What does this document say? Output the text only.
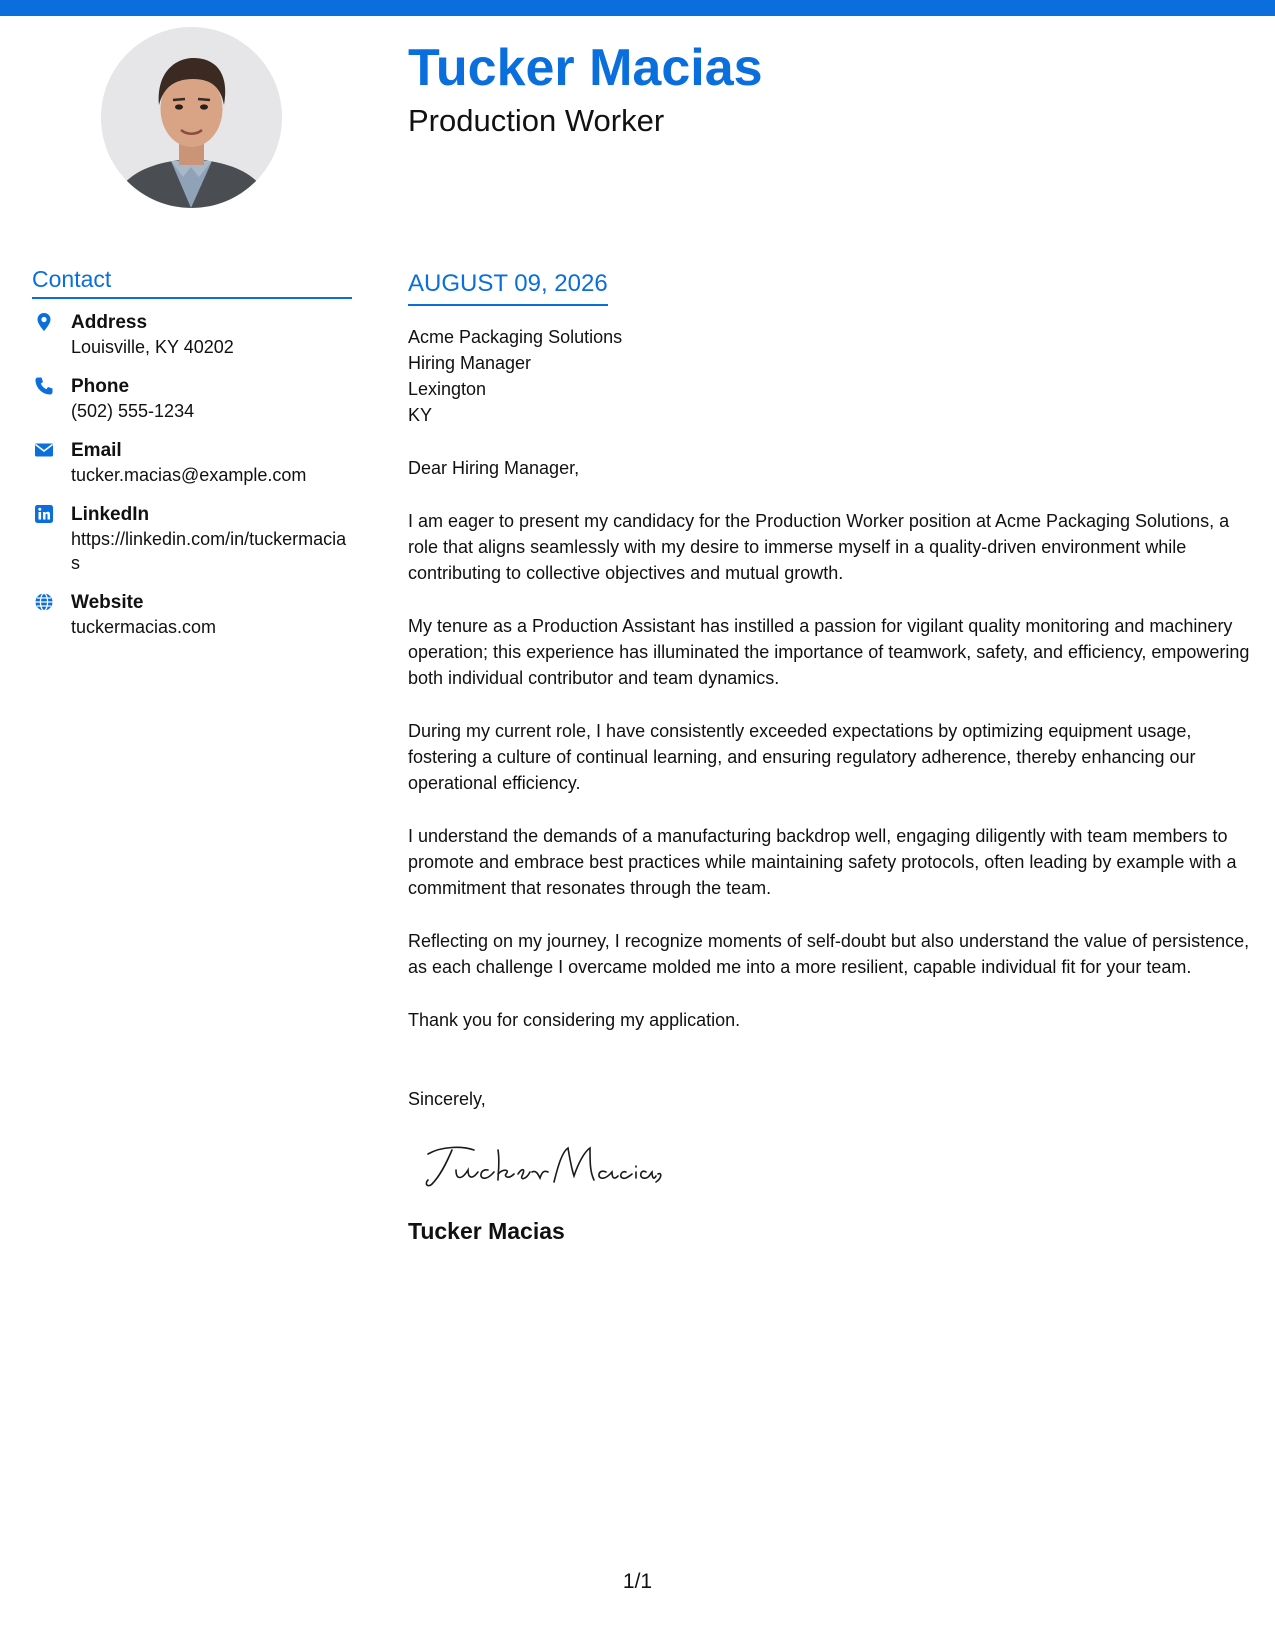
Tucker Macias
Production Worker
Contact
Address
Louisville, KY 40202
Phone
(502) 555-1234
Email
tucker.macias@example.com
LinkedIn
https://linkedin.com/in/tuckermacias
Website
tuckermacias.com
AUGUST 09, 2026
Acme Packaging Solutions
Hiring Manager
Lexington
KY
Dear Hiring Manager,

I am eager to present my candidacy for the Production Worker position at Acme Packaging Solutions, a role that aligns seamlessly with my desire to immerse myself in a quality-driven environment while contributing to collective objectives and mutual growth.

My tenure as a Production Assistant has instilled a passion for vigilant quality monitoring and machinery operation; this experience has illuminated the importance of teamwork, safety, and efficiency, empowering both individual contributor and team dynamics.

During my current role, I have consistently exceeded expectations by optimizing equipment usage, fostering a culture of continual learning, and ensuring regulatory adherence, thereby enhancing our operational efficiency.

I understand the demands of a manufacturing backdrop well, engaging diligently with team members to promote and embrace best practices while maintaining safety protocols, often leading by example with a commitment that resonates through the team.

Reflecting on my journey, I recognize moments of self-doubt but also understand the value of persistence, as each challenge I overcame molded me into a more resilient, capable individual fit for your team.

Thank you for considering my application.

Sincerely,
Tucker Macias
1/1
